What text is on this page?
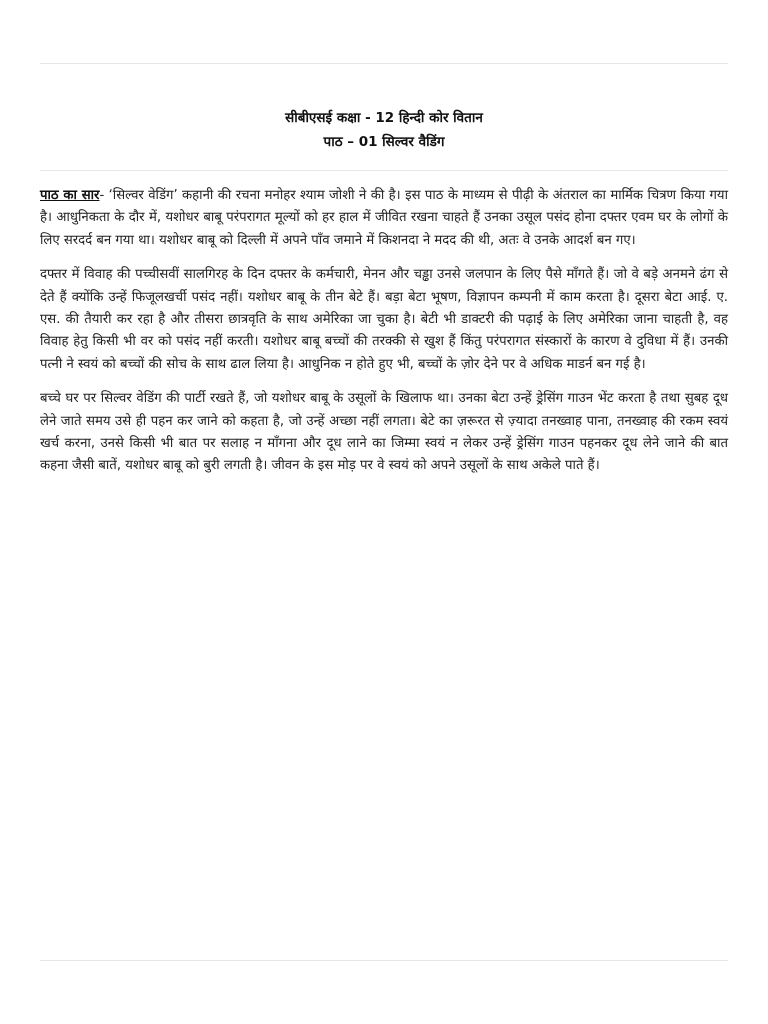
सीबीएसई कक्षा - 12 हिन्दी कोर वितान
पाठ – 01 सिल्वर वैडिंग

पाठ का सार- ‘सिल्वर वेडिंग’ कहानी की रचना मनोहर श्याम जोशी ने की है। इस पाठ के माध्यम से पीढ़ी के अंतराल का मार्मिक चित्रण किया गया है। आधुनिकता के दौर में, यशोधर बाबू परंपरागत मूल्यों को हर हाल में जीवित रखना चाहते हैं उनका उसूल पसंद होना दफ्तर एवम घर के लोगों के लिए सरदर्द बन गया था। यशोधर बाबू को दिल्ली में अपने पाँव जमाने में किशनदा ने मदद की थी, अतः वे उनके आदर्श बन गए।

दफ्तर में विवाह की पच्चीसवीं सालगिरह के दिन दफ्तर के कर्मचारी, मेनन और चड्ढा उनसे जलपान के लिए पैसे माँगते हैं। जो वे बड़े अनमने ढंग से देते हैं क्योंकि उन्हें फिजूलखर्ची पसंद नहीं। यशोधर बाबू के तीन बेटे हैं। बड़ा बेटा भूषण, विज्ञापन कम्पनी में काम करता है। दूसरा बेटा आई. ए. एस. की तैयारी कर रहा है और तीसरा छात्रवृति के साथ अमेरिका जा चुका है। बेटी भी डाक्टरी की पढ़ाई के लिए अमेरिका जाना चाहती है, वह विवाह हेतु किसी भी वर को पसंद नहीं करती। यशोधर बाबू बच्चों की तरक्की से खुश हैं किंतु परंपरागत संस्कारों के कारण वे दुविधा में हैं। उनकी पत्नी ने स्वयं को बच्चों की सोच के साथ ढाल लिया है। आधुनिक न होते हुए भी, बच्चों के ज़ोर देने पर वे अधिक माडर्न बन गई है।

बच्चे घर पर सिल्वर वेडिंग की पार्टी रखते हैं, जो यशोधर बाबू के उसूलों के खिलाफ था। उनका बेटा उन्हें ड्रेसिंग गाउन भेंट करता है तथा सुबह दूध लेने जाते समय उसे ही पहन कर जाने को कहता है, जो उन्हें अच्छा नहीं लगता। बेटे का ज़रूरत से ज़्यादा तनख्वाह पाना, तनख्वाह की रकम स्वयं खर्च करना, उनसे किसी भी बात पर सलाह न माँगना और दूध लाने का जिम्मा स्वयं न लेकर उन्हें ड्रेसिंग गाउन पहनकर दूध लेने जाने की बात कहना जैसी बातें, यशोधर बाबू को बुरी लगती है। जीवन के इस मोड़ पर वे स्वयं को अपने उसूलों के साथ अकेले पाते हैं।
